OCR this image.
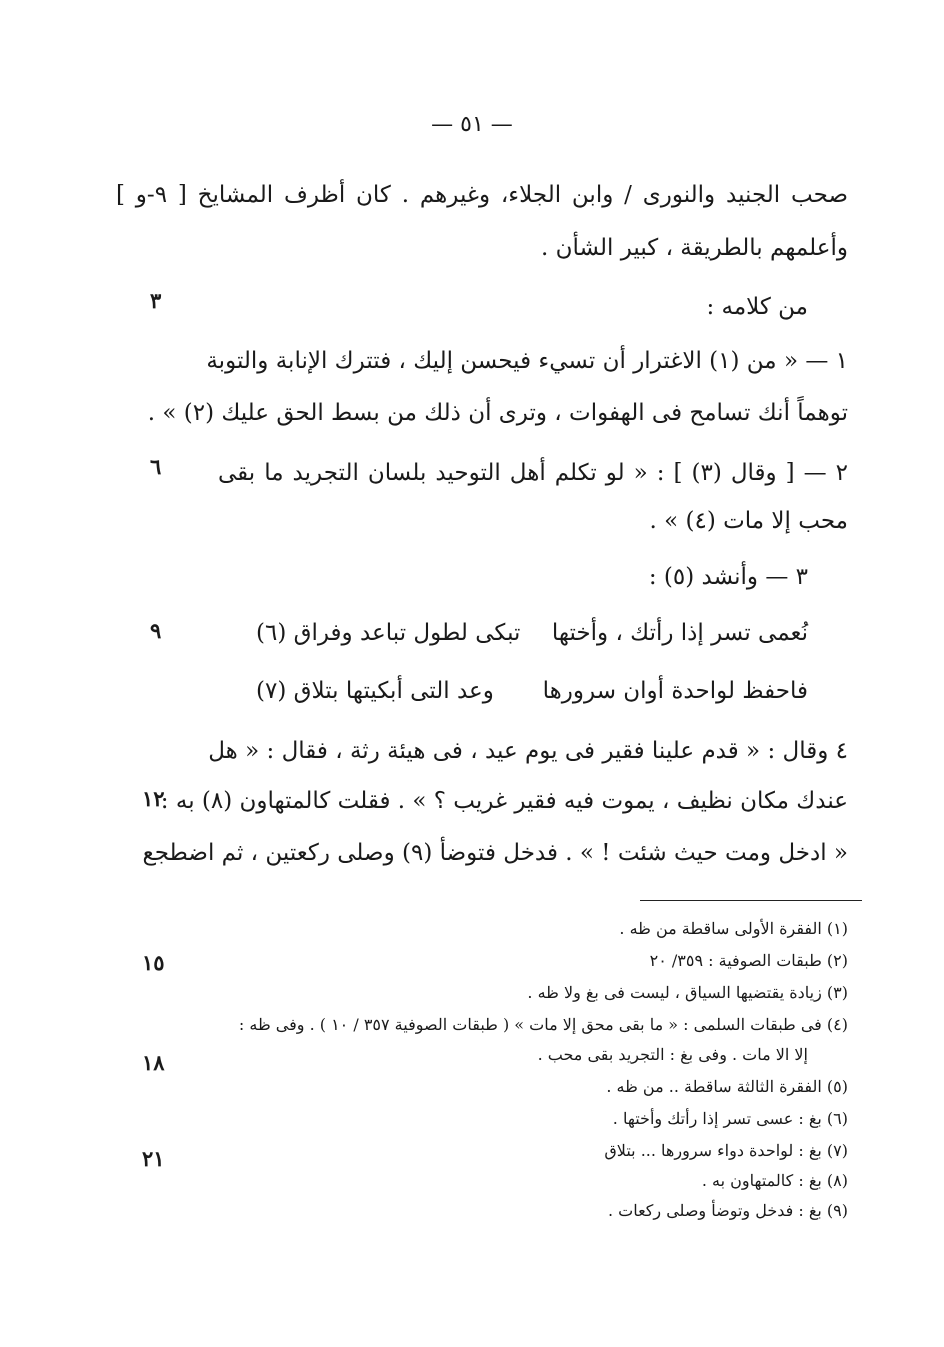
— ٥١ —
صحب الجنيد والنورى / وابن الجلاء، وغيرهم . كان أظرف المشايخ [ ٩-و ]
وأعلمهم بالطريقة ، كبير الشأن .
من كلامه :
١ — « من (١) الاغترار أن تسيء فيحسن إليك ، فتترك الإنابة والتوبة
توهماً أنك تسامح فى الهفوات ، وترى أن ذلك من بسط الحق عليك (٢) » .
٢ — [ وقال (٣) ] : « لو تكلم أهل التوحيد بلسان التجريد ما بقى
محب إلا مات (٤) » .
٣ — وأنشد (٥) :
نُعمى تسر إذا رأتك ، وأختها
تبكى لطول تباعد وفراق (٦)
فاحفظ لواحدة أوان سرورها
وعد التى أبكيتها بتلاق (٧)
٤ وقال : « قدم علينا فقير فى يوم عيد ، فى هيئة رثة ، فقال : « هل
عندك مكان نظيف ، يموت فيه فقير غريب ؟ » . فقلت كالمتهاون (٨) به :
« ادخل ومت حيث شئت ! » . فدخل فتوضأ (٩) وصلى ركعتين ، ثم اضطجع
٣
٦
٩
١٢
١٥
١٨
٢١
(١) الفقرة الأولى ساقطة من ظه .
(٢) طبقات الصوفية : ٣٥٩/ ٢٠
(٣) زيادة يقتضيها السياق ، ليست فى بغ ولا ظه .
(٤) فى طبقات السلمى : « ما بقى محق إلا مات » ( طبقات الصوفية ٣٥٧ / ١٠ ) . وفى ظه :
إلا الا مات . وفى بغ : التجريد بقى محب .
(٥) الفقرة الثالثة ساقطة .. من ظه .
(٦) بغ : عسى تسر إذا رأتك وأختها .
(٧) بغ : لواحدة دواء سرورها ... بتلاق
(٨) بغ : كالمتهاون به .
(٩) بغ : فدخل وتوضأ وصلى ركعات .
